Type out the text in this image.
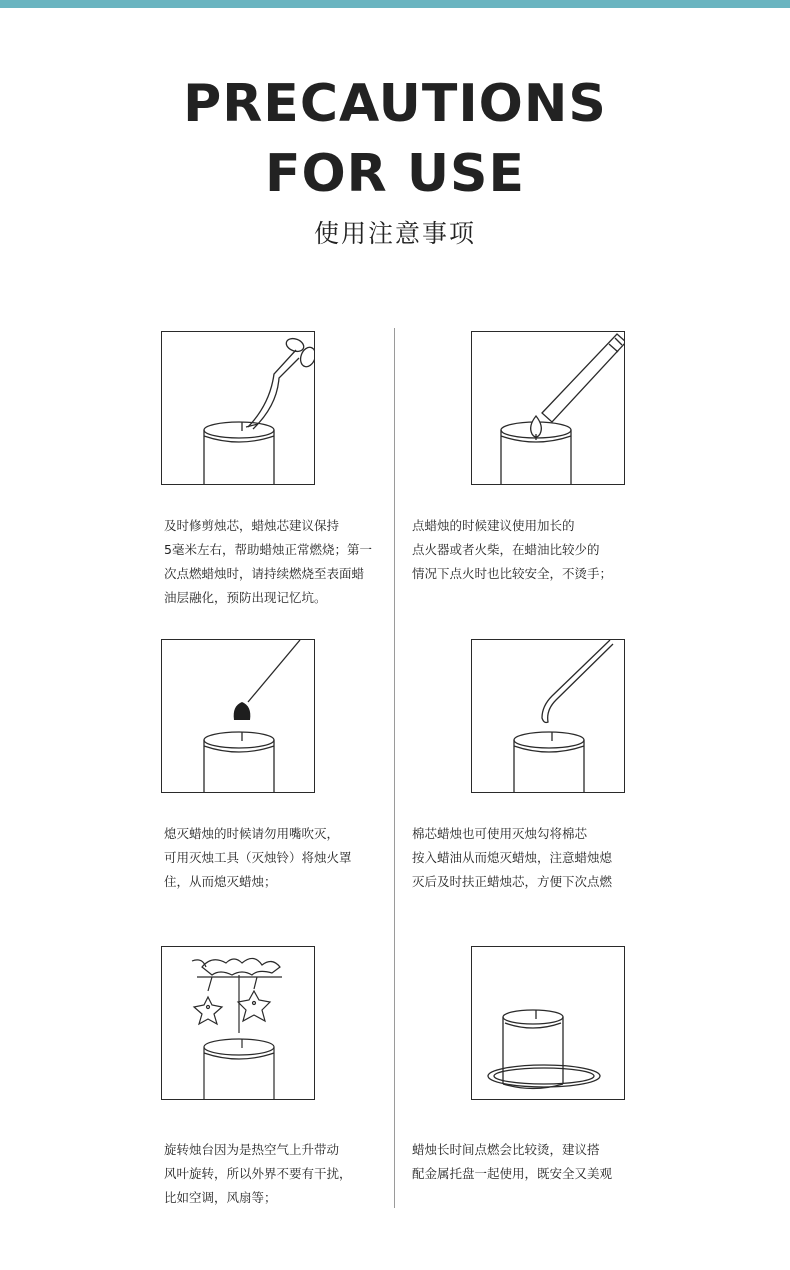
PRECAUTIONS
FOR USE
使用注意事项
及时修剪烛芯，蜡烛芯建议保持
5毫米左右，帮助蜡烛正常燃烧；第一
次点燃蜡烛时，请持续燃烧至表面蜡
油层融化，预防出现记忆坑。
点蜡烛的时候建议使用加长的
点火器或者火柴，在蜡油比较少的
情况下点火时也比较安全，不烫手；
熄灭蜡烛的时候请勿用嘴吹灭，
可用灭烛工具（灭烛铃）将烛火罩
住，从而熄灭蜡烛；
棉芯蜡烛也可使用灭烛勾将棉芯
按入蜡油从而熄灭蜡烛，注意蜡烛熄
灭后及时扶正蜡烛芯，方便下次点燃
旋转烛台因为是热空气上升带动
风叶旋转，所以外界不要有干扰，
比如空调，风扇等；
蜡烛长时间点燃会比较烫，建议搭
配金属托盘一起使用，既安全又美观
